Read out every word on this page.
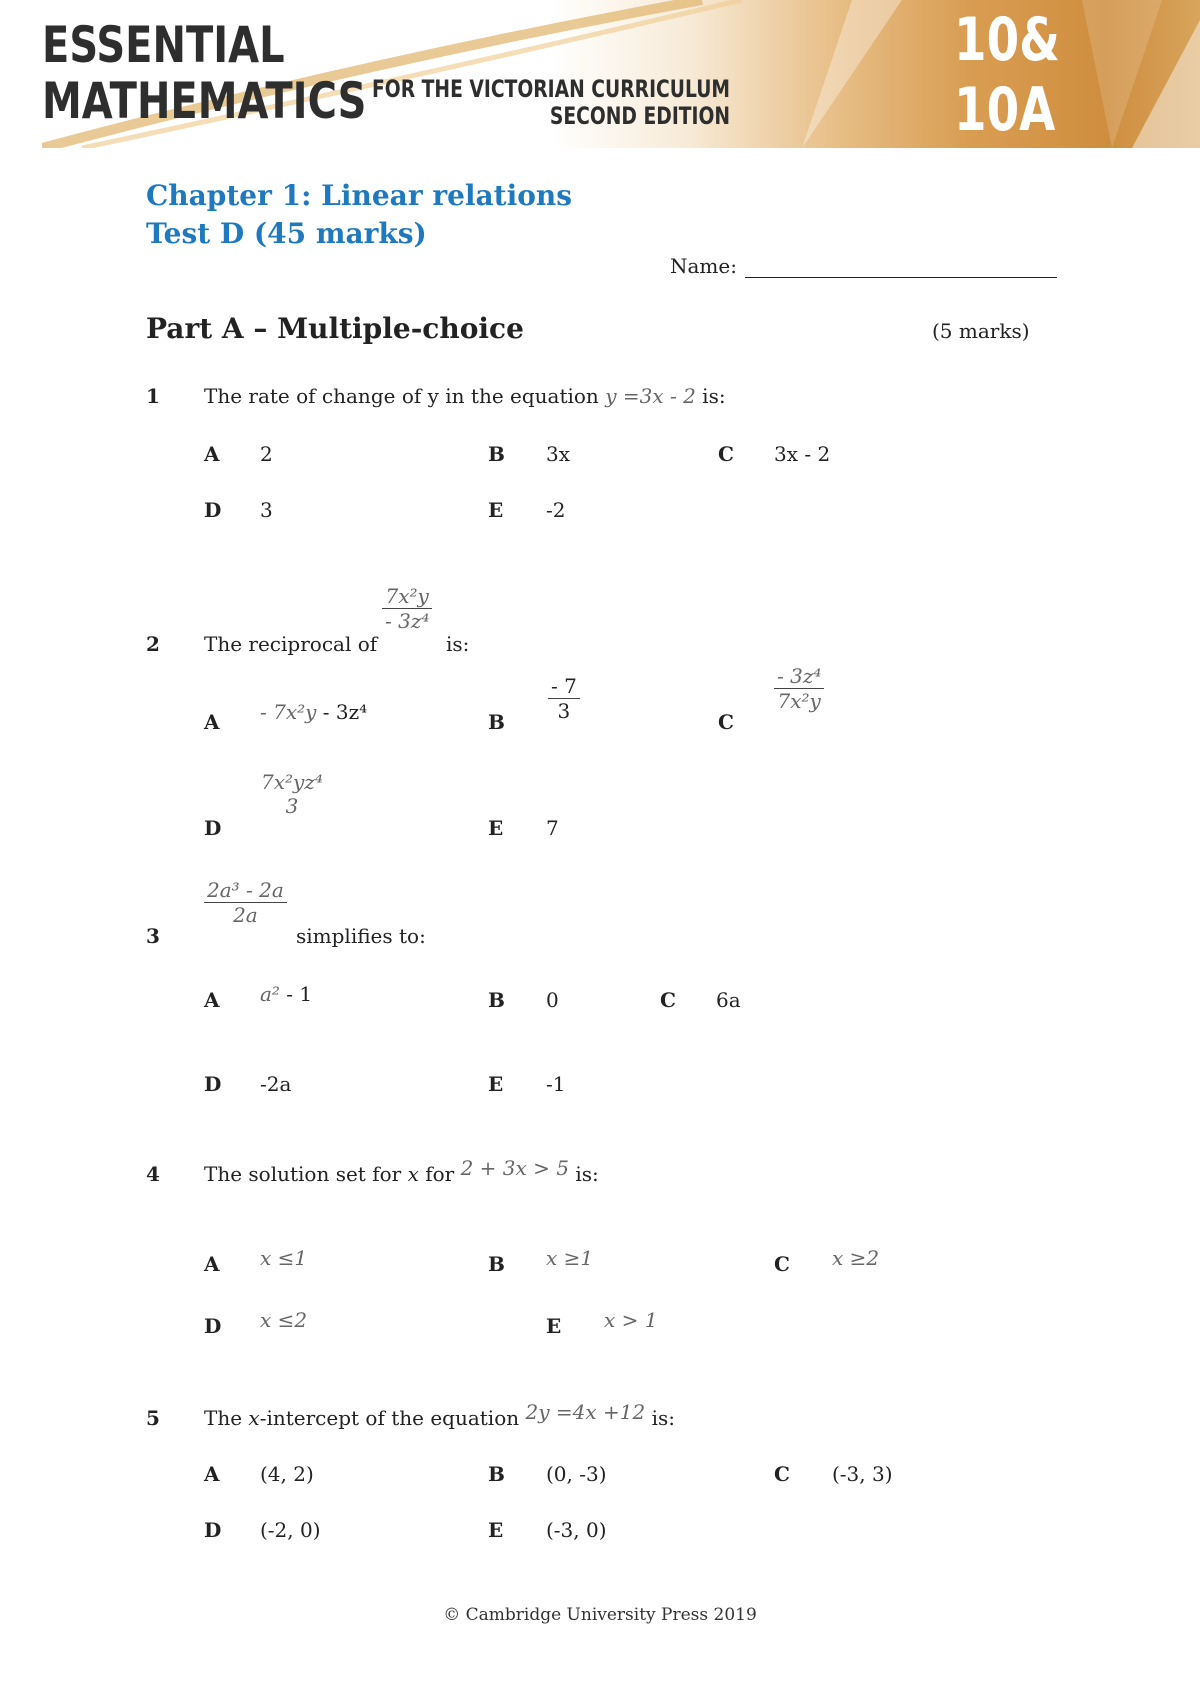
ESSENTIAL
MATHEMATICS FOR THE VICTORIAN CURRICULUM
SECOND EDITION
10&
10A
Chapter 1: Linear relations
Test D (45 marks)
Name:
Part A – Multiple-choice	(5 marks)
1 The rate of change of y in the equation y =3x - 2 is:
A 2	B 3x	C 3x - 2
D 3	E -2
2 The reciprocal of
7x²y
- 3z⁴
is:
A - 7x²y - 3z⁴	B
- 7
3	C
- 3z⁴
7x²y
D
7x²yz⁴
3
E 7
3
2a³ - 2a
2a
simplifies to:
A a² - 1	B 0	C 6a
D -2a	E -1
4 The solution set for x for 2 + 3x > 5 is:
A x ≤1	B x ≥1	C x ≥2
D x ≤2	E x > 1
5 The x-intercept of the equation 2y =4x +12 is:
A (4, 2)	B (0, -3)	C (-3, 3)
D (-2, 0)	E (-3, 0)
© Cambridge University Press 2019
